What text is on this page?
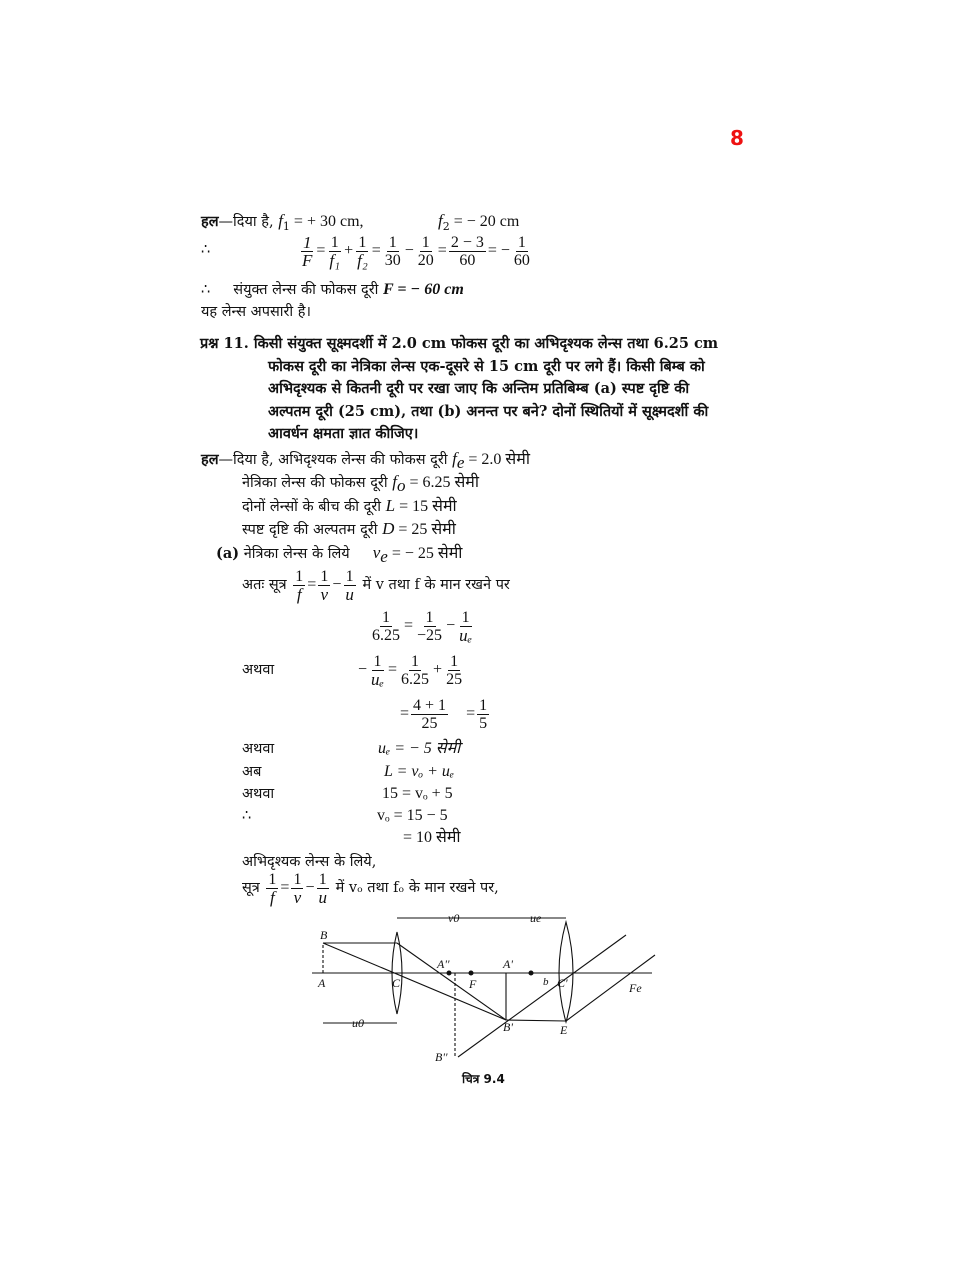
8
हल—दिया है, $f_1$ = + 30 cm,	$f_2$ = − 20 cm
∴	$\frac{1}{F} = \frac{1}{\text{f₁}} + \frac{1}{\text{f₂}} = \frac{1}{30} - \frac{1}{20} = \frac{2 - 3}{60}$ = − $\frac{1}{60}$
∴ संयुक्त लेन्स की फोकस दूरी F = − 60 cm
यह लेन्स अपसारी है।
प्रश्न 11. किसी संयुक्त सूक्ष्मदर्शी में 2.0 cm फोकस दूरी का अभिदृश्यक लेन्स तथा 6.25 cm
फोकस दूरी का नेत्रिका लेन्स एक-दूसरे से 15 cm दूरी पर लगे हैं। किसी बिम्ब को
अभिदृश्यक से कितनी दूरी पर रखा जाए कि अन्तिम प्रतिबिम्ब (a) स्पष्ट दृष्टि की
अल्पतम दूरी (25 cm), तथा (b) अनन्त पर बने? दोनों स्थितियों में सूक्ष्मदर्शी की
आवर्धन क्षमता ज्ञात कीजिए।
हल—दिया है, अभिदृश्यक लेन्स की फोकस दूरी $f_e = 2.0$ सेमी
नेत्रिका लेन्स की फोकस दूरी $f_o = 6.25$ सेमी
दोनों लेन्सों के बीच की दूरी L = 15 सेमी
स्पष्ट दृष्टि की अल्पतम दूरी D = 25 सेमी
(a) नेत्रिका लेन्स के लिये $v_e$ = − 25 सेमी
अतः सूत्र $\frac{1}{f} = \frac{1}{v} - \frac{1}{u}$ में v तथा f के मान रखने पर
$\frac{1}{6.25} = \frac{1}{-25} - \frac{1}{\text{uₑ}}$
अथवा	− $\frac{1}{\text{uₑ}} = \frac{1}{6.25} + \frac{1}{25}$
= $\frac{4 + 1}{25} = \frac{1}{5}$
अथवा	uₑ = − 5 सेमी
अब	L = vₒ + uₑ
अथवा	15 = vₒ + 5
∴	vₒ = 15 − 5
= 10 सेमी
अभिदृश्यक लेन्स के लिये,
सूत्र $\frac{1}{f} = \frac{1}{v} - \frac{1}{u}$ में vₒ तथा fₒ के मान रखने पर,
B
A	C
A''
F
A'
b C'	Fe
B'	E
B''
v0	ue
u0
चित्र 9.4
